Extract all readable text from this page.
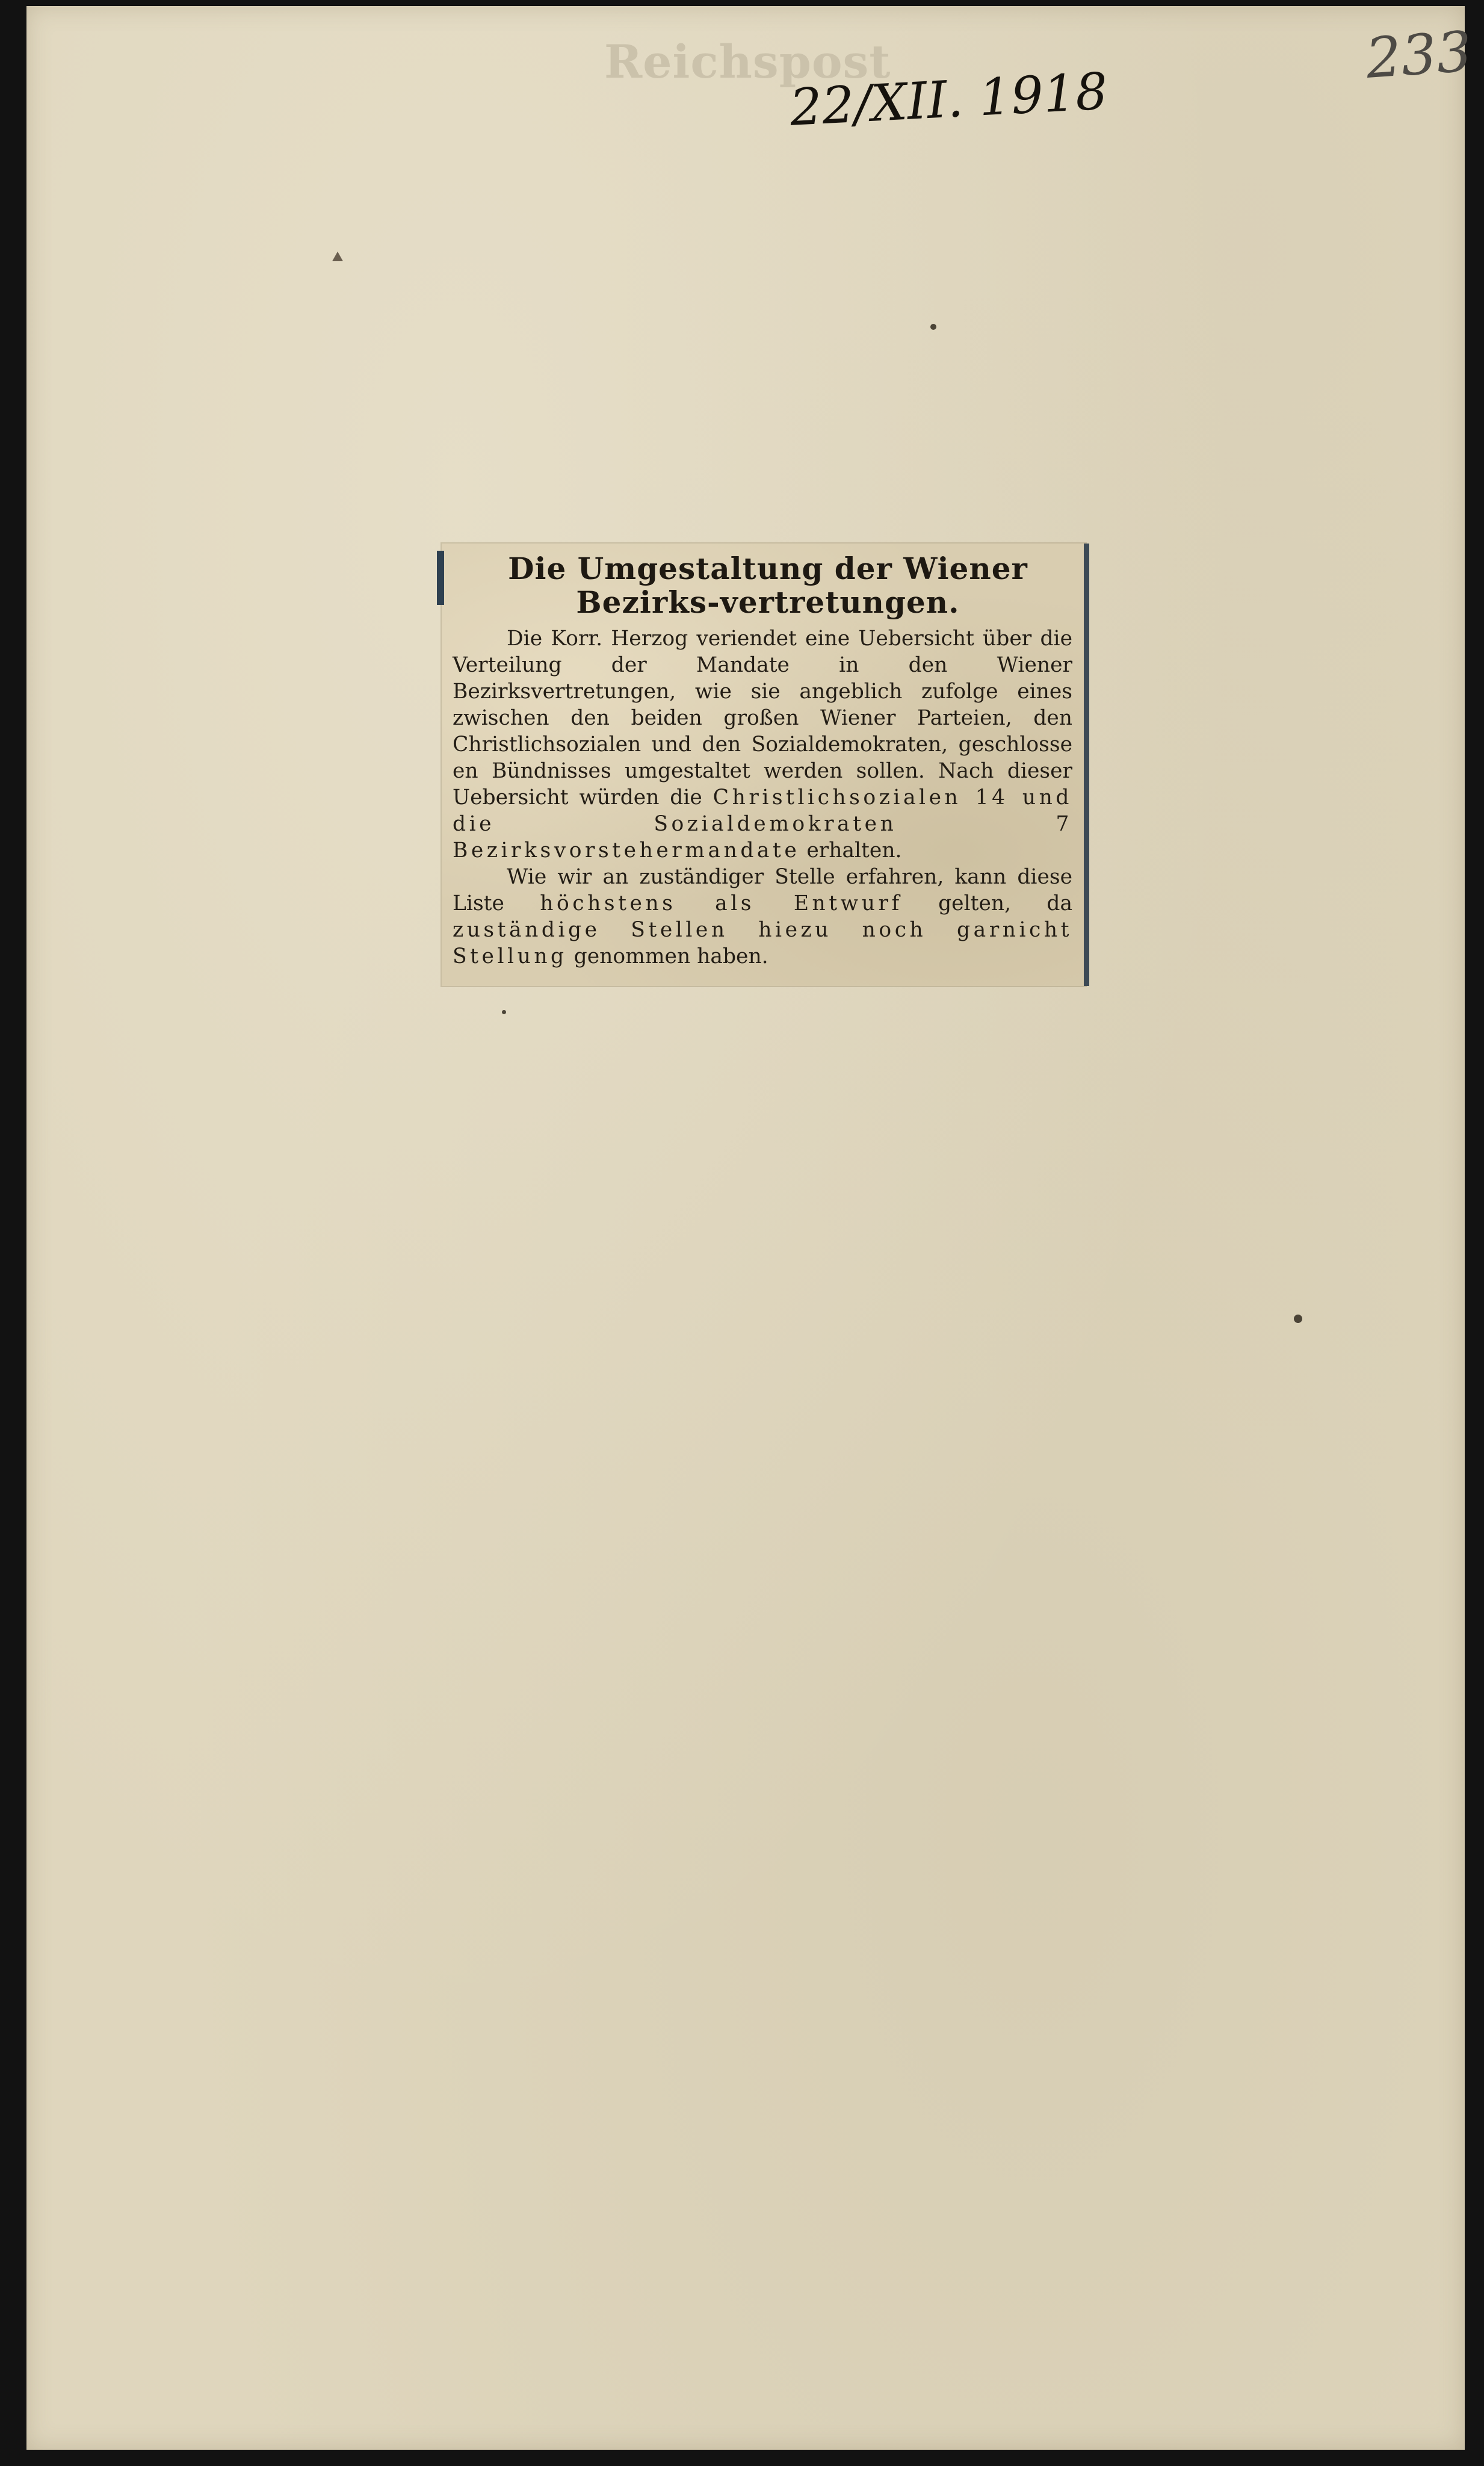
Reichspost
22/XII. 1918
233
Die Umgestaltung der Wiener Bezirks-vertretungen.

Die Korr. Herzog veriendet eine Uebersicht über die Verteilung der Mandate in den Wiener Bezirksvertretungen, wie sie angeblich zufolge eines zwischen den beiden großen Wiener Parteien, den Christlichsozialen und den Sozialdemokraten, geschlosse en Bündnisses umgestaltet werden sollen. Nach dieser Uebersicht würden die Christlichsozialen 14 und die Sozialdemokraten 7 Bezirksvorstehermandate erhalten.

Wie wir an zuständiger Stelle erfahren, kann diese Liste höchstens als Entwurf gelten, da zuständige Stellen hiezu noch garnicht Stellung genommen haben.
